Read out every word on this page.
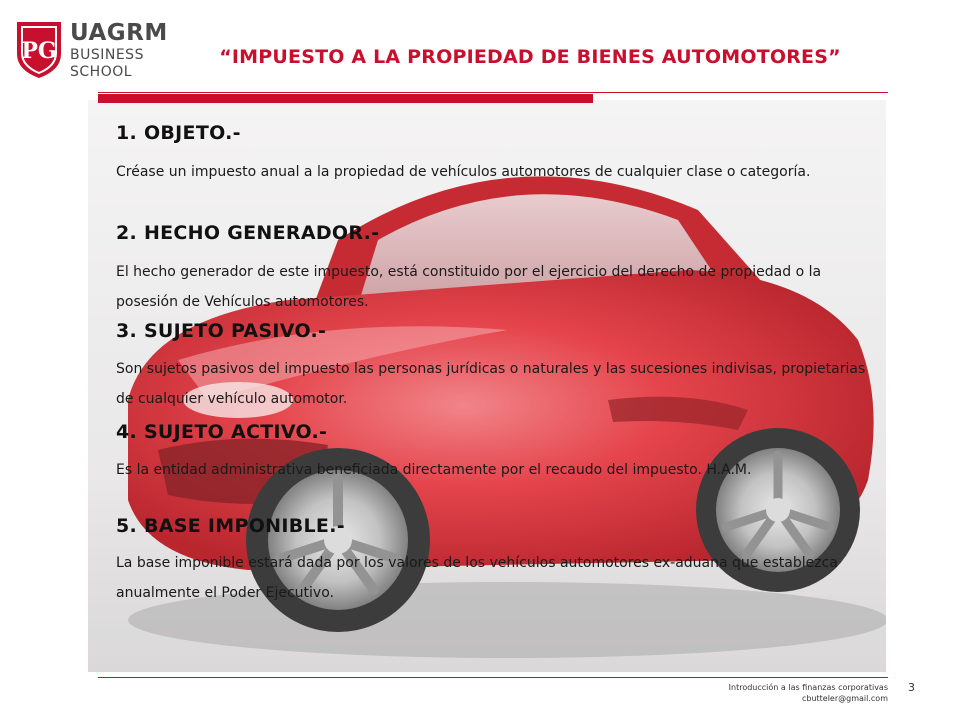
PG
UAGRM
BUSINESS
SCHOOL
“IMPUESTO A LA PROPIEDAD DE BIENES AUTOMOTORES”
1. OBJETO.-
Créase un impuesto anual a la propiedad de vehículos automotores de cualquier clase o categoría.
2. HECHO GENERADOR.-
El hecho generador de este impuesto, está constituido por el ejercicio del derecho de propiedad o la posesión de Vehículos automotores.
3. SUJETO PASIVO.-
Son sujetos pasivos del impuesto las personas jurídicas o naturales y las sucesiones indivisas, propietarias de cualquier vehículo automotor.
4. SUJETO ACTIVO.-
Es la entidad administrativa beneficiada directamente por el recaudo del impuesto. H.A.M.
5. BASE IMPONIBLE.-
La base imponible estará dada por los valores de los vehículos automotores ex-aduana que establezca anualmente el Poder Ejecutivo.
Introducción a las finanzas corporativas
cbutteler@gmail.com
3
